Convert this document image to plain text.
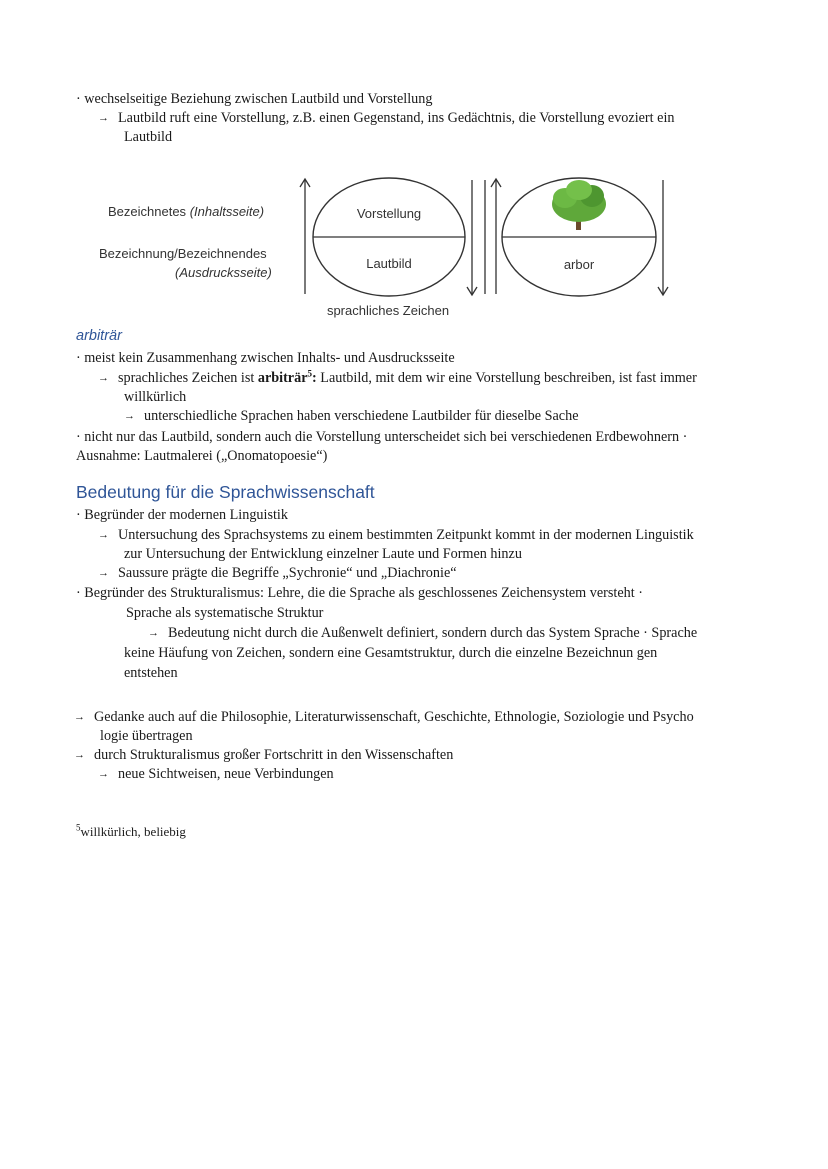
· wechselseitige Beziehung zwischen Lautbild und Vorstellung
→ Lautbild ruft eine Vorstellung, z.B. einen Gegenstand, ins Gedächtnis, die Vorstellung evoziert ein
Lautbild
Bezeichnetes (Inhaltsseite)
Bezeichnung/Bezeichnendes
(Ausdrucksseite)
Vorstellung
Lautbild	arbor
sprachliches Zeichen
arbiträr
· meist kein Zusammenhang zwischen Inhalts- und Ausdrucksseite
→ sprachliches Zeichen ist arbiträr$^5$: Lautbild, mit dem wir eine Vorstellung beschreiben, ist fast immer
willkürlich
→ unterschiedliche Sprachen haben verschiedene Lautbilder für dieselbe Sache
· nicht nur das Lautbild, sondern auch die Vorstellung unterscheidet sich bei verschiedenen Erdbewohnern ·
Ausnahme: Lautmalerei („Onomatopoesie“)
Bedeutung für die Sprachwissenschaft
· Begründer der modernen Linguistik
→ Untersuchung des Sprachsystems zu einem bestimmten Zeitpunkt kommt in der modernen Linguistik
zur Untersuchung der Entwicklung einzelner Laute und Formen hinzu
→ Saussure prägte die Begriffe „Sychronie“ und „Diachronie“
· Begründer des Strukturalismus: Lehre, die die Sprache als geschlossenes Zeichensystem versteht ·
Sprache als systematische Struktur
→ Bedeutung nicht durch die Außenwelt definiert, sondern durch das System Sprache · Sprache
keine Häufung von Zeichen, sondern eine Gesamtstruktur, durch die einzelne Bezeichnun gen
entstehen
→ Gedanke auch auf die Philosophie, Literaturwissenschaft, Geschichte, Ethnologie, Soziologie und Psycho
logie übertragen
→ durch Strukturalismus großer Fortschritt in den Wissenschaften
→ neue Sichtweisen, neue Verbindungen
$^5$willkürlich, beliebig
